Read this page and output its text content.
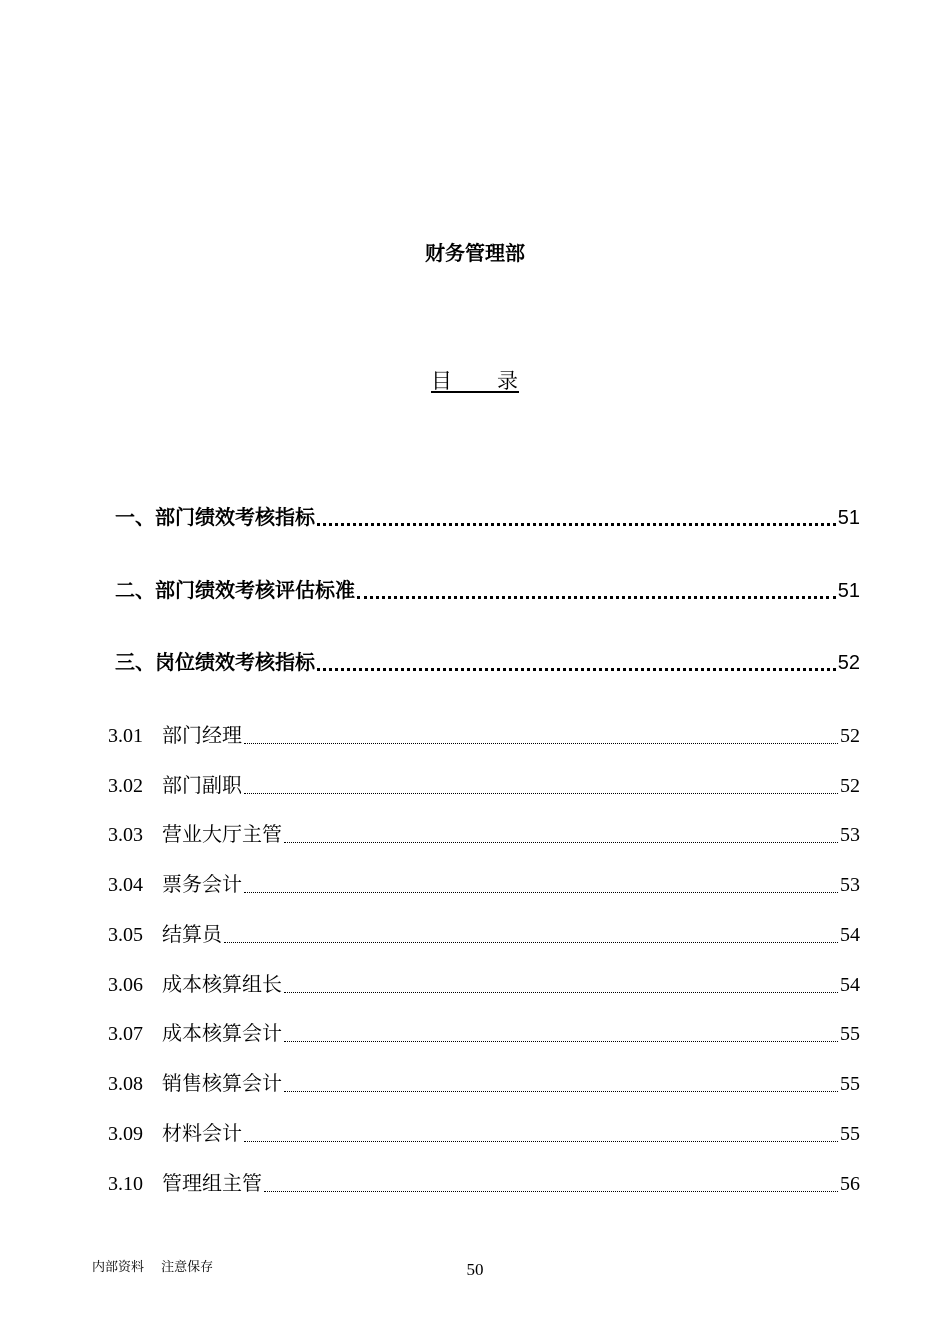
财务管理部
目　　录
一、部门绩效考核指标	51
二、部门绩效考核评估标准	51
三、岗位绩效考核指标	52
3.01 部门经理	52
3.02 部门副职	52
3.03 营业大厅主管	53
3.04 票务会计	53
3.05 结算员	54
3.06 成本核算组长	54
3.07 成本核算会计	55
3.08 销售核算会计	55
3.09 材料会计	55
3.10 管理组主管	56
内部资料　 注意保存	50
